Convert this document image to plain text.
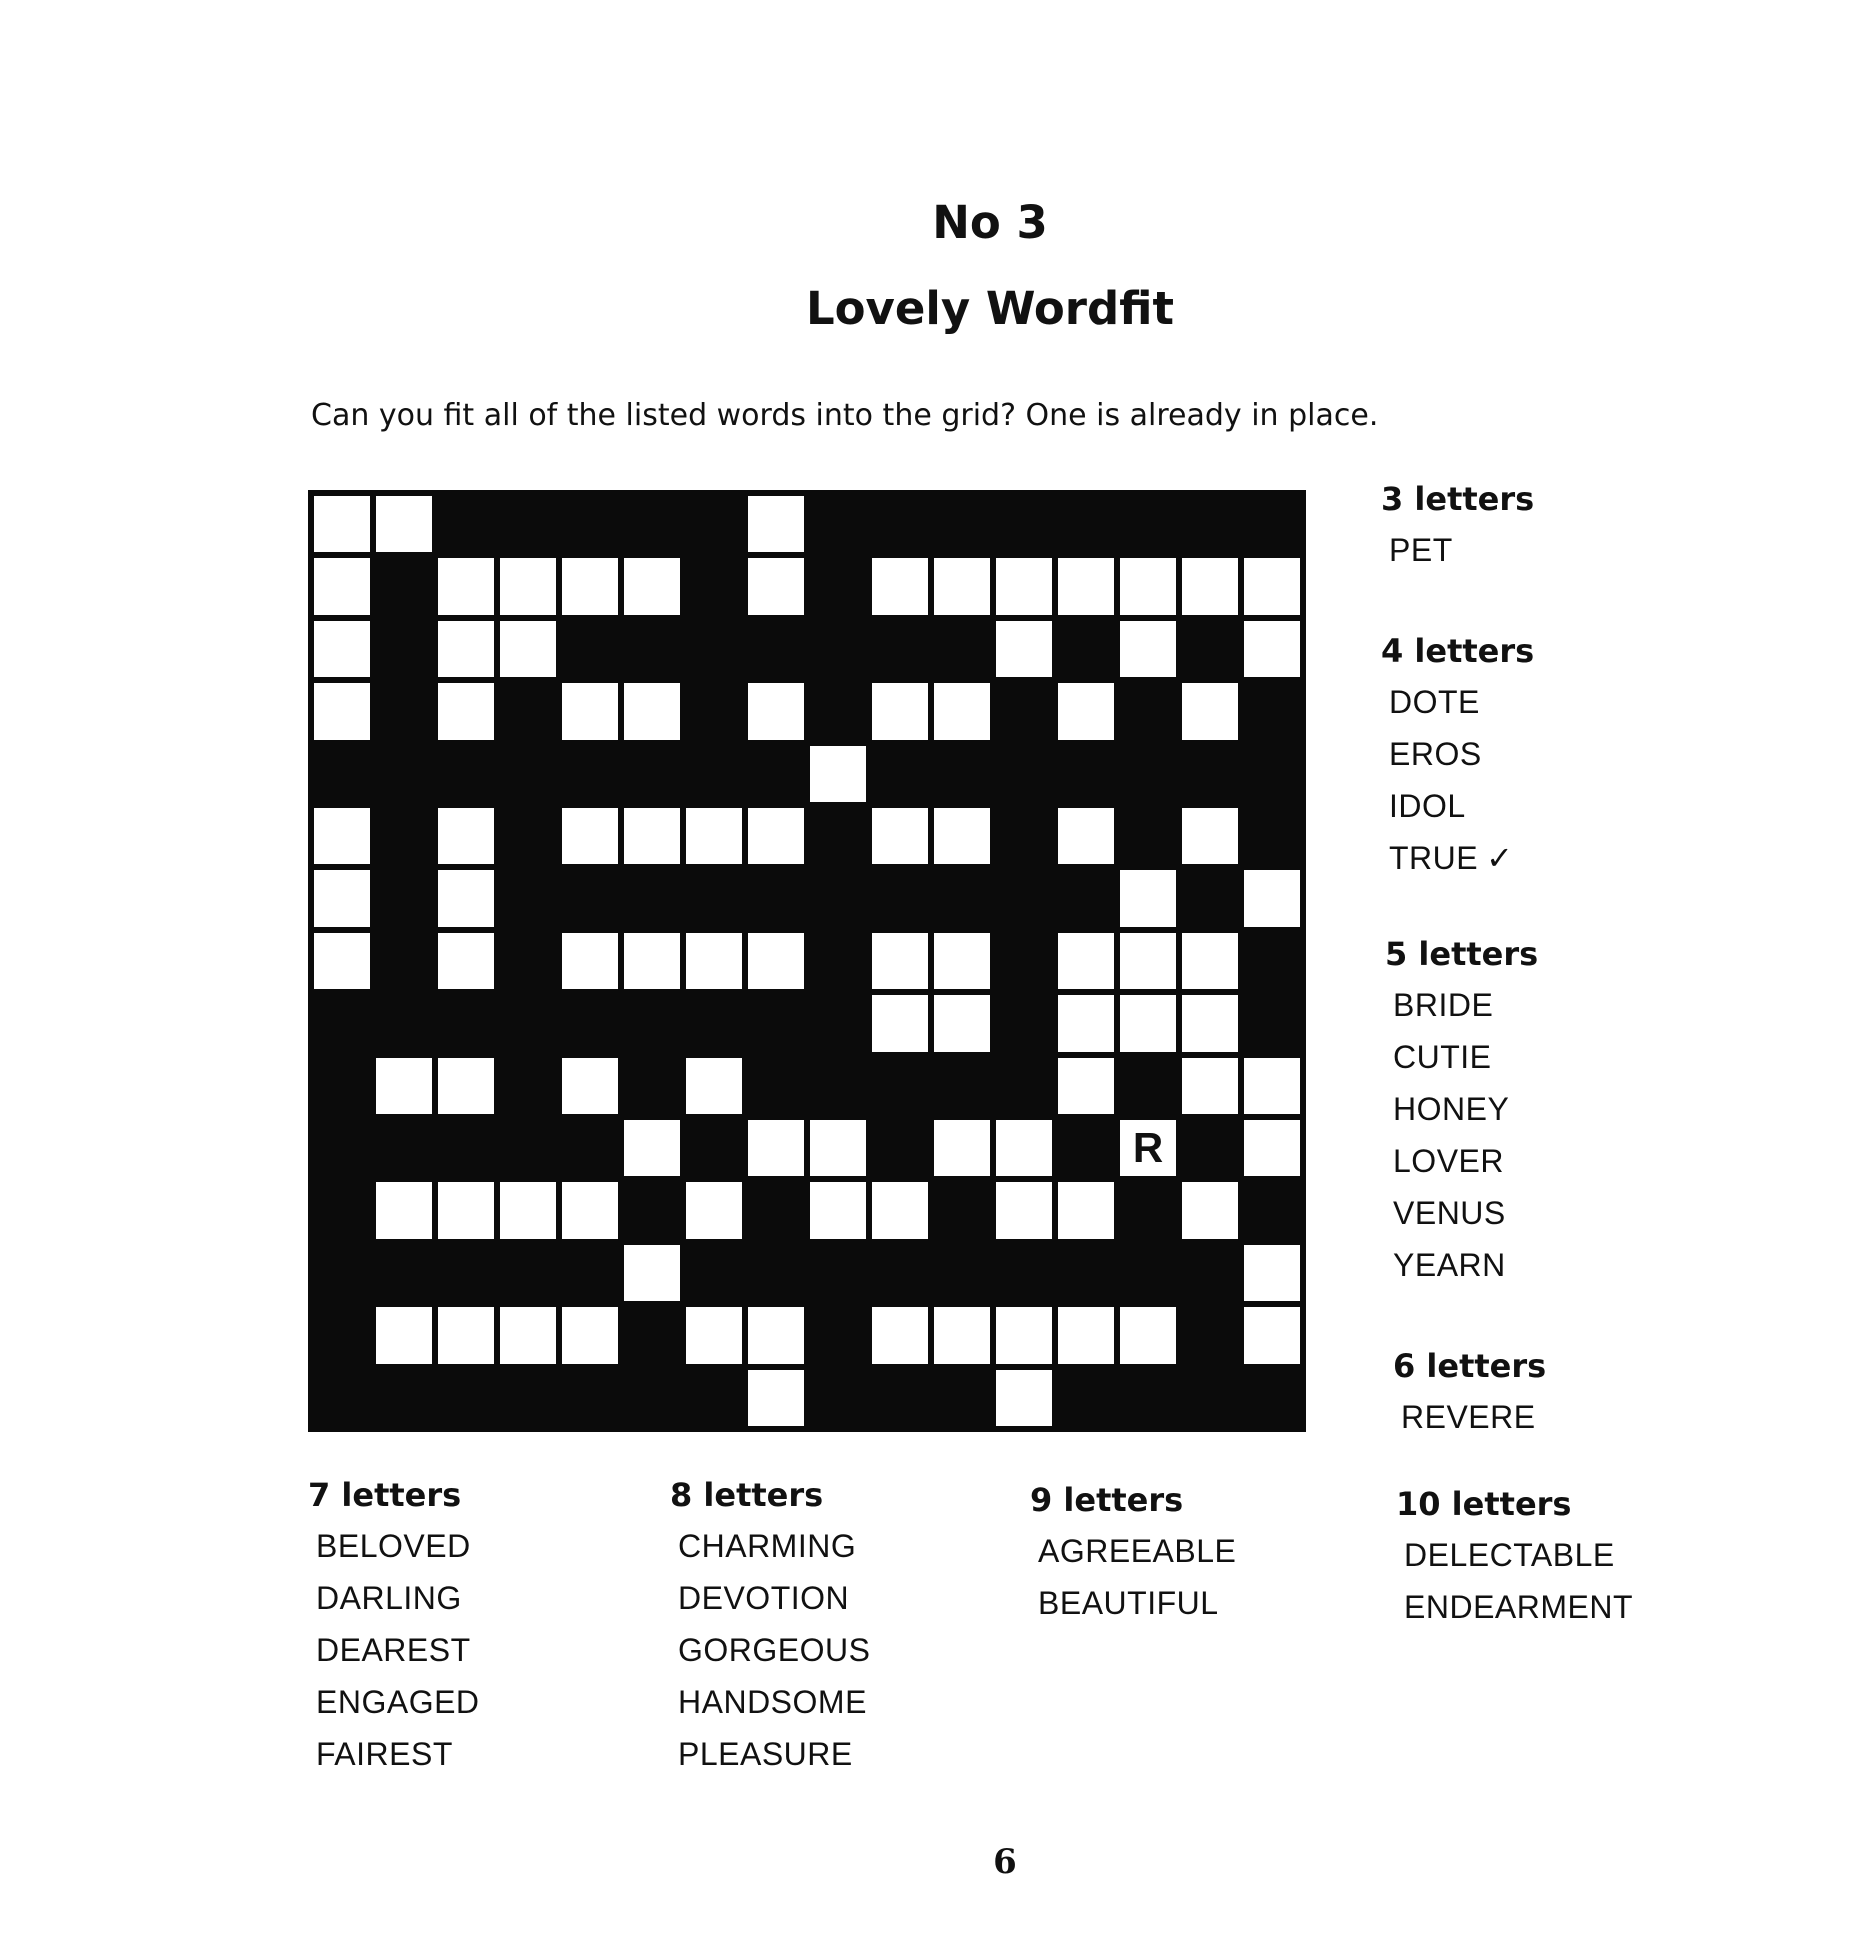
No 3
Lovely Wordfit
Can you fit all of the listed words into the grid? One is already in place.
R
3 letters
PET
4 letters
DOTE
EROS
IDOL
TRUE ✓
5 letters
BRIDE
CUTIE
HONEY
LOVER
VENUS
YEARN
6 letters
REVERE
7 letters
BELOVED
DARLING
DEAREST
ENGAGED
FAIREST
8 letters
CHARMING
DEVOTION
GORGEOUS
HANDSOME
PLEASURE
9 letters
AGREEABLE
BEAUTIFUL
10 letters
DELECTABLE
ENDEARMENT
6
